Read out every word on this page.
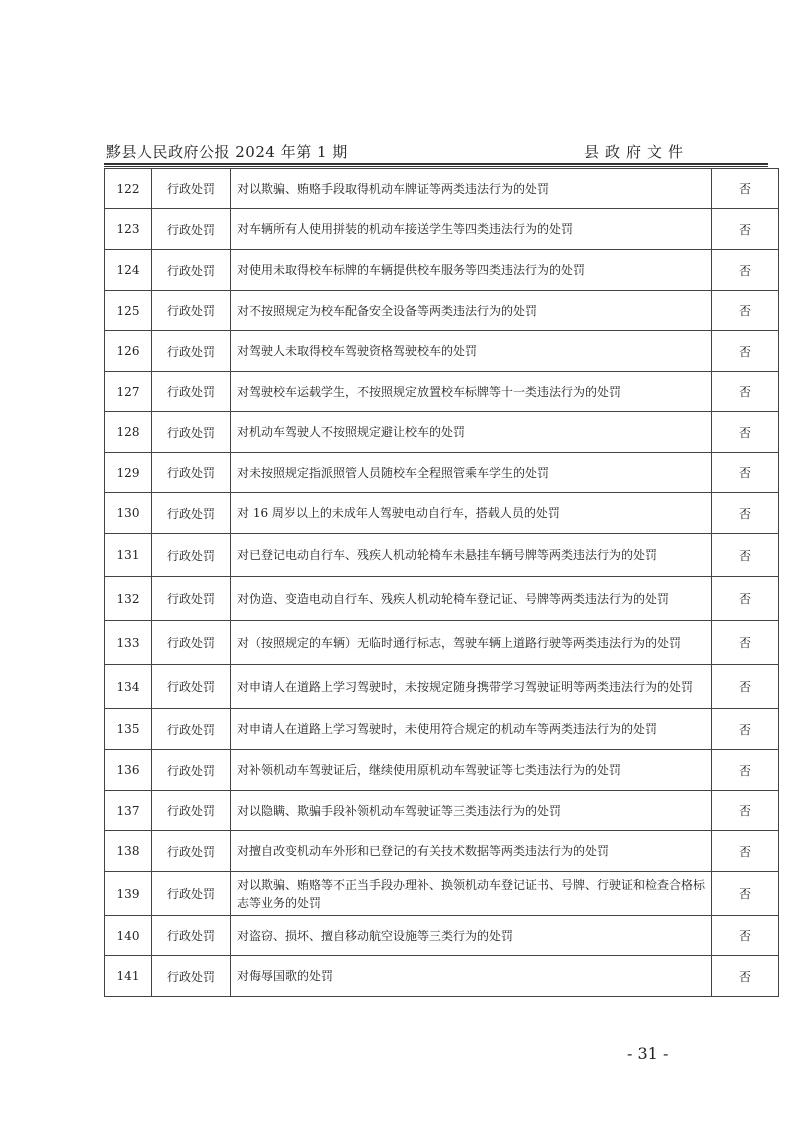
黟县人民政府公报 2024 年第 1 期	县政府文件
122	行政处罚	对以欺骗、贿赂手段取得机动车牌证等两类违法行为的处罚	否
123	行政处罚	对车辆所有人使用拼装的机动车接送学生等四类违法行为的处罚	否
124	行政处罚	对使用未取得校车标牌的车辆提供校车服务等四类违法行为的处罚	否
125	行政处罚	对不按照规定为校车配备安全设备等两类违法行为的处罚	否
126	行政处罚	对驾驶人未取得校车驾驶资格驾驶校车的处罚	否
127	行政处罚	对驾驶校车运载学生，不按照规定放置校车标牌等十一类违法行为的处罚	否
128	行政处罚	对机动车驾驶人不按照规定避让校车的处罚	否
129	行政处罚	对未按照规定指派照管人员随校车全程照管乘车学生的处罚	否
130	行政处罚	对 16 周岁以上的未成年人驾驶电动自行车，搭载人员的处罚	否
131	行政处罚	对已登记电动自行车、残疾人机动轮椅车未悬挂车辆号牌等两类违法行为的处罚	否
132	行政处罚	对伪造、变造电动自行车、残疾人机动轮椅车登记证、号牌等两类违法行为的处罚	否
133	行政处罚	对（按照规定的车辆）无临时通行标志，驾驶车辆上道路行驶等两类违法行为的处罚	否
134	行政处罚	对申请人在道路上学习驾驶时，未按规定随身携带学习驾驶证明等两类违法行为的处罚	否
135	行政处罚	对申请人在道路上学习驾驶时，未使用符合规定的机动车等两类违法行为的处罚	否
136	行政处罚	对补领机动车驾驶证后，继续使用原机动车驾驶证等七类违法行为的处罚	否
137	行政处罚	对以隐瞒、欺骗手段补领机动车驾驶证等三类违法行为的处罚	否
138	行政处罚	对擅自改变机动车外形和已登记的有关技术数据等两类违法行为的处罚	否
139	行政处罚	对以欺骗、贿赂等不正当手段办理补、换领机动车登记证书、号牌、行驶证和检查合格标志等业务的处罚	否
140	行政处罚	对盗窃、损坏、擅自移动航空设施等三类行为的处罚	否
141	行政处罚	对侮辱国歌的处罚	否
- 31 -
